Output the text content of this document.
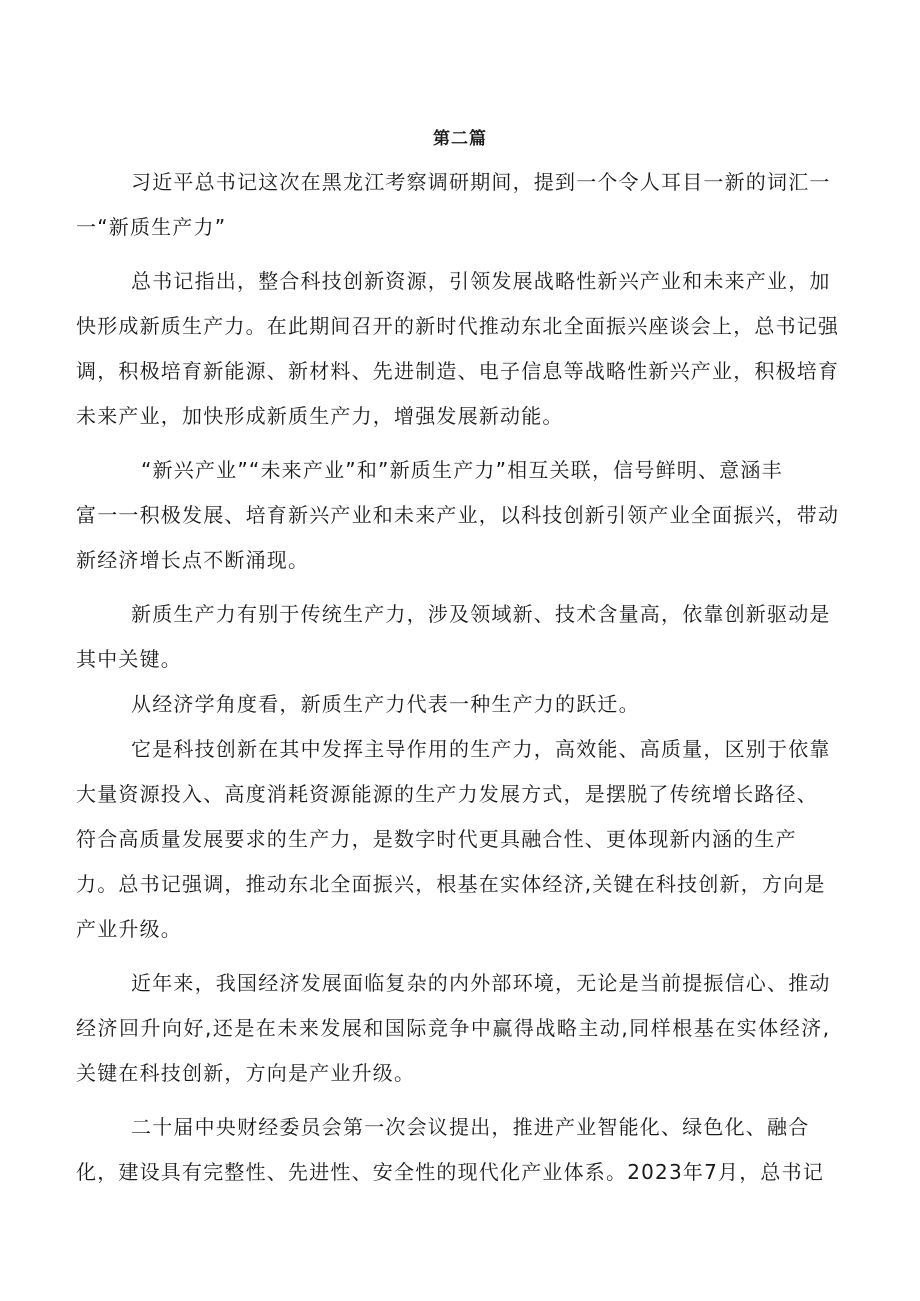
第二篇
习近平总书记这次在黑龙江考察调研期间，提到一个令人耳目一新的词汇一
一“新质生产力”
总书记指出，整合科技创新资源，引领发展战略性新兴产业和未来产业，加
快形成新质生产力。在此期间召开的新时代推动东北全面振兴座谈会上，总书记强
调，积极培育新能源、新材料、先进制造、电子信息等战略性新兴产业，积极培育
未来产业，加快形成新质生产力，增强发展新动能。
“新兴产业”“未来产业”和”新质生产力”相互关联，信号鲜明、意涵丰
富一一积极发展、培育新兴产业和未来产业，以科技创新引领产业全面振兴，带动
新经济增长点不断涌现。
新质生产力有别于传统生产力，涉及领域新、技术含量高，依靠创新驱动是
其中关键。
从经济学角度看，新质生产力代表一种生产力的跃迁。
它是科技创新在其中发挥主导作用的生产力，高效能、高质量，区别于依靠
大量资源投入、高度消耗资源能源的生产力发展方式，是摆脱了传统增长路径、
符合高质量发展要求的生产力，是数字时代更具融合性、更体现新内涵的生产
力。总书记强调，推动东北全面振兴，根基在实体经济,关键在科技创新，方向是
产业升级。
近年来，我国经济发展面临复杂的内外部环境，无论是当前提振信心、推动
经济回升向好,还是在未来发展和国际竞争中赢得战略主动,同样根基在实体经济,
关键在科技创新，方向是产业升级。
二十届中央财经委员会第一次会议提出，推进产业智能化、绿色化、融合
化，建设具有完整性、先进性、安全性的现代化产业体系。2023年7月，总书记
